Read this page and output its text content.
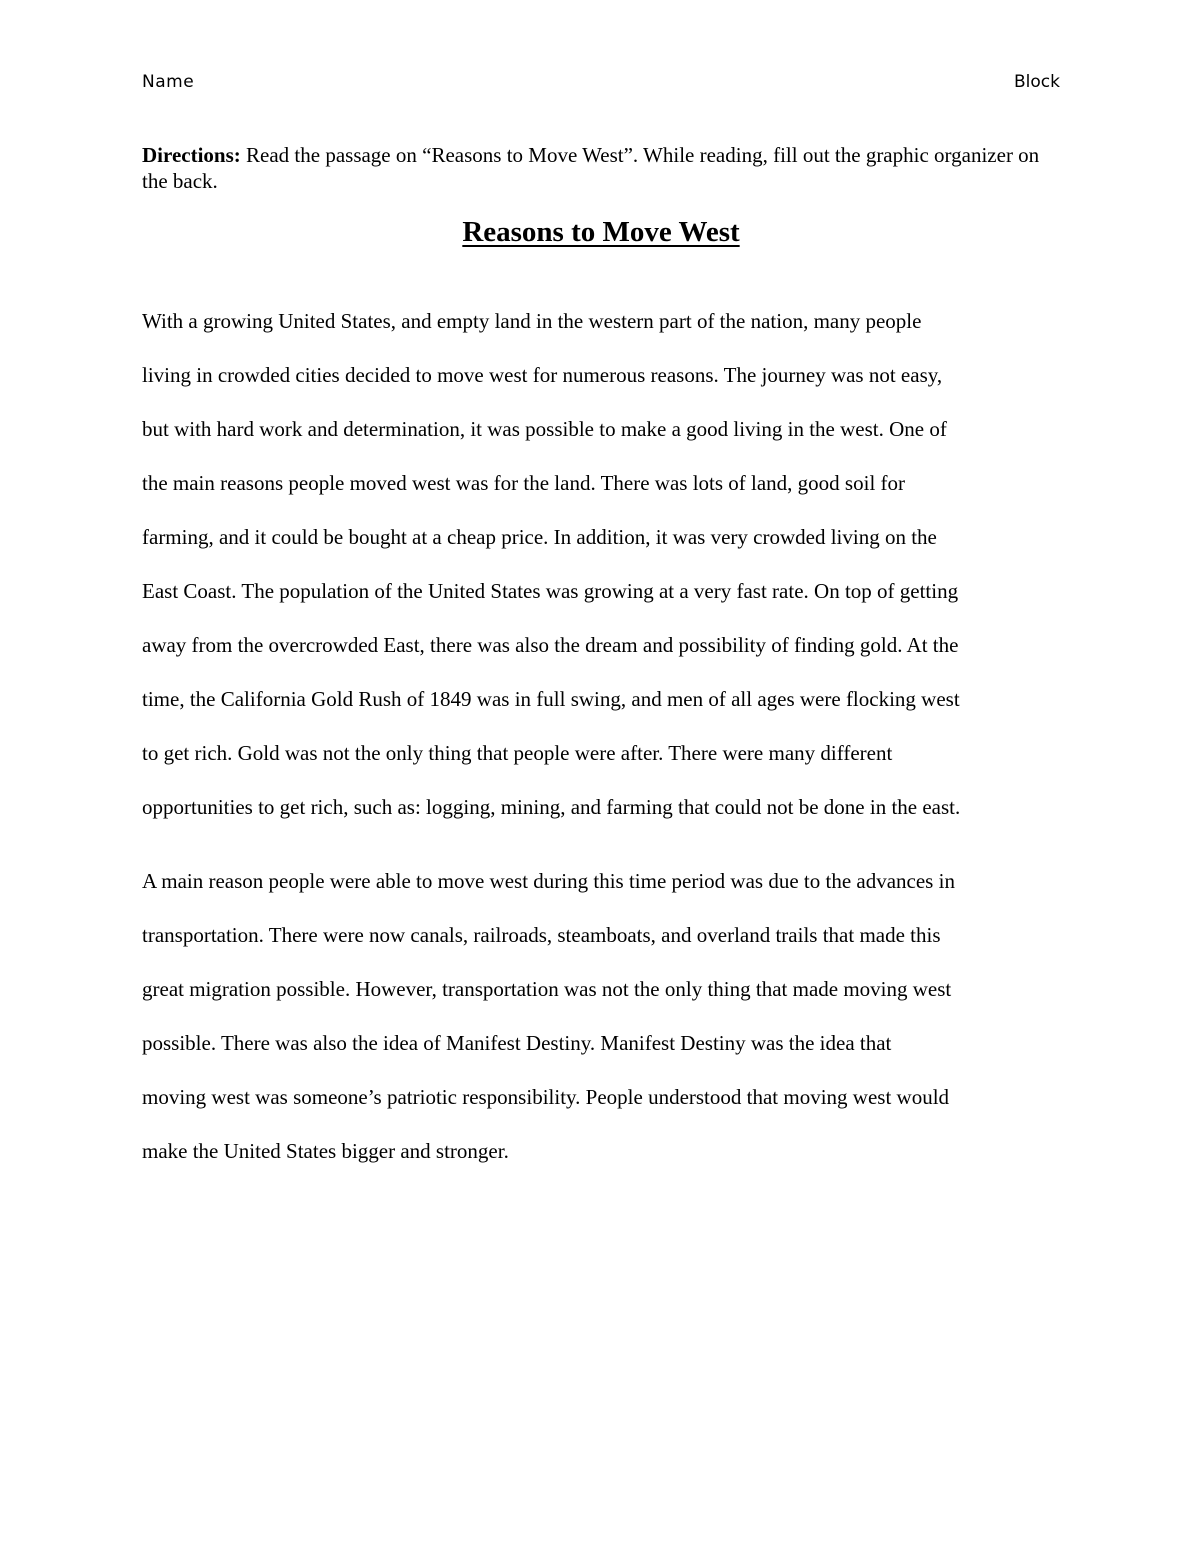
Name	Block
Directions: Read the passage on “Reasons to Move West”. While reading, fill out the graphic organizer on the back.
Reasons to Move West
With a growing United States, and empty land in the western part of the nation, many people
living in crowded cities decided to move west for numerous reasons. The journey was not easy,
but with hard work and determination, it was possible to make a good living in the west. One of
the main reasons people moved west was for the land. There was lots of land, good soil for
farming, and it could be bought at a cheap price. In addition, it was very crowded living on the
East Coast. The population of the United States was growing at a very fast rate. On top of getting
away from the overcrowded East, there was also the dream and possibility of finding gold. At the
time, the California Gold Rush of 1849 was in full swing, and men of all ages were flocking west
to get rich. Gold was not the only thing that people were after. There were many different
opportunities to get rich, such as: logging, mining, and farming that could not be done in the east.
A main reason people were able to move west during this time period was due to the advances in
transportation. There were now canals, railroads, steamboats, and overland trails that made this
great migration possible. However, transportation was not the only thing that made moving west
possible. There was also the idea of Manifest Destiny. Manifest Destiny was the idea that
moving west was someone’s patriotic responsibility. People understood that moving west would
make the United States bigger and stronger.
